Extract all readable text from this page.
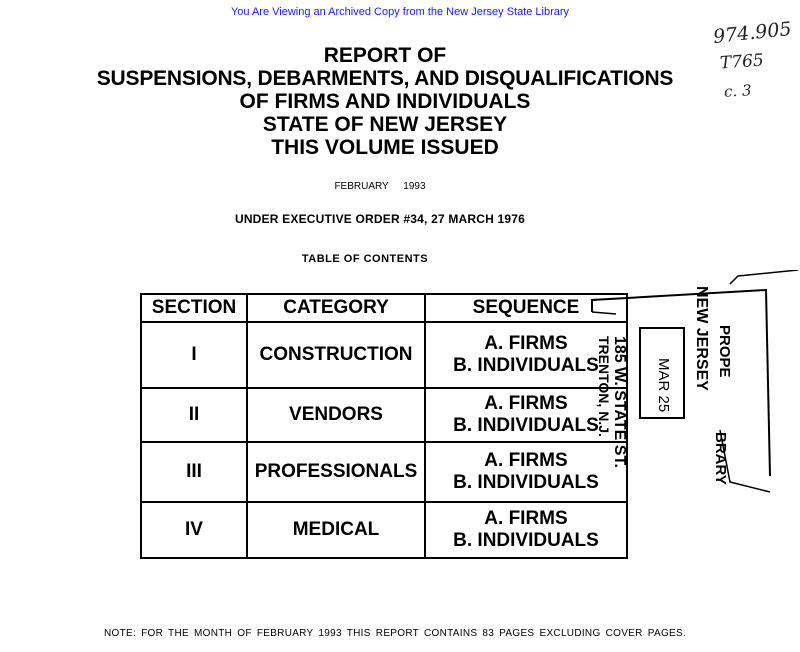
You Are Viewing an Archived Copy from the New Jersey State Library
974.905
T765
c. 3
REPORT OF
SUSPENSIONS, DEBARMENTS, AND DISQUALIFICATIONS
OF FIRMS AND INDIVIDUALS
STATE OF NEW JERSEY
THIS VOLUME ISSUED
FEBRUARY 1993
UNDER EXECUTIVE ORDER #34, 27 MARCH 1976
TABLE OF CONTENTS
SECTION	CATEGORY	SEQUENCE
I	CONSTRUCTION	A. FIRMS
B. INDIVIDUALS

II	VENDORS	A. FIRMS
B. INDIVIDUALS

III	PROFESSIONALS	A. FIRMS
B. INDIVIDUALS

IV	MEDICAL	A. FIRMS
B. INDIVIDUALS
185 W. STATE ST.
TRENTON, N.J.	MAR 25 NEW JERSEY PROPE
BRARY
NOTE: FOR THE MONTH OF FEBRUARY 1993 THIS REPORT CONTAINS 83 PAGES EXCLUDING COVER PAGES.
